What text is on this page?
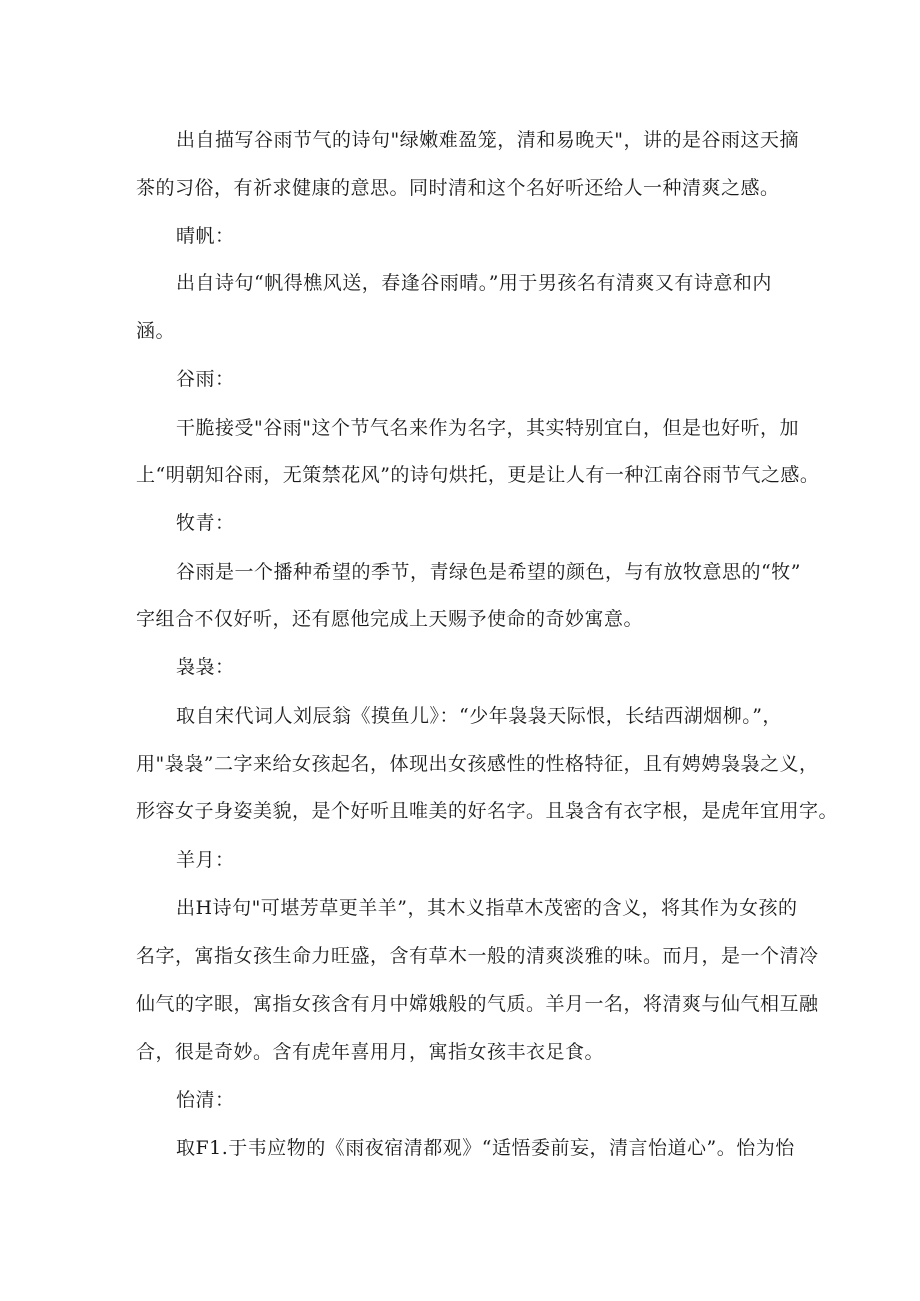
出自描写谷雨节气的诗句"绿嫩难盈笼，清和易晚天"，讲的是谷雨这天摘
茶的习俗，有祈求健康的意思。同时清和这个名好听还给人一种清爽之感。
晴帆：
出自诗句“帆得樵风送，春逢谷雨晴。”用于男孩名有清爽又有诗意和内
涵。
谷雨：
干脆接受"谷雨"这个节气名来作为名字，其实特别宜白，但是也好听，加
上“明朝知谷雨，无策禁花风”的诗句烘托，更是让人有一种江南谷雨节气之感。
牧青：
谷雨是一个播种希望的季节，青绿色是希望的颜色，与有放牧意思的“牧”
字组合不仅好听，还有愿他完成上天赐予使命的奇妙寓意。
袅袅：
取自宋代词人刘辰翁《摸鱼儿》：“少年袅袅天际恨，长结西湖烟柳。”，
用"袅袅”二字来给女孩起名，体现出女孩感性的性格特征，且有娉娉袅袅之义，
形容女子身姿美貌，是个好听且唯美的好名字。且袅含有衣字根，是虎年宜用字。
羊月：
出H诗句"可堪芳草更羊羊”，其木义指草木茂密的含义，将其作为女孩的
名字，寓指女孩生命力旺盛，含有草木一般的清爽淡雅的味。而月，是一个清冷
仙气的字眼，寓指女孩含有月中嫦娥般的气质。羊月一名，将清爽与仙气相互融
合，很是奇妙。含有虎年喜用月，寓指女孩丰衣足食。
怡清：
取F1.于韦应物的《雨夜宿清都观》“适悟委前妄，清言怡道心”。怡为怡
